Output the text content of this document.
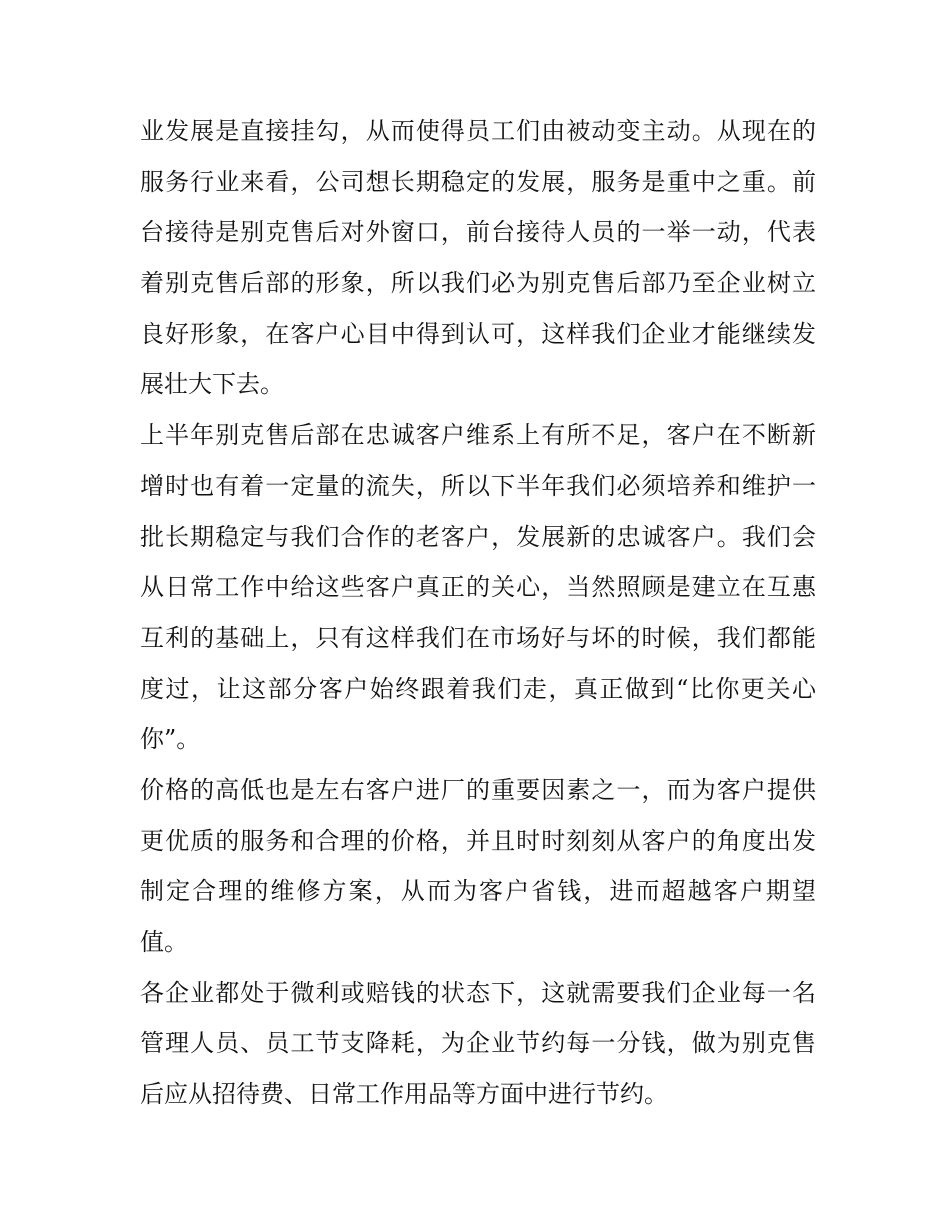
业发展是直接挂勾，从而使得员工们由被动变主动。从现在的
服务行业来看，公司想长期稳定的发展，服务是重中之重。前
台接待是别克售后对外窗口，前台接待人员的一举一动，代表
着别克售后部的形象，所以我们必为别克售后部乃至企业树立
良好形象，在客户心目中得到认可，这样我们企业才能继续发
展壮大下去。
上半年别克售后部在忠诚客户维系上有所不足，客户在不断新
增时也有着一定量的流失，所以下半年我们必须培养和维护一
批长期稳定与我们合作的老客户，发展新的忠诚客户。我们会
从日常工作中给这些客户真正的关心，当然照顾是建立在互惠
互利的基础上，只有这样我们在市场好与坏的时候，我们都能
度过，让这部分客户始终跟着我们走，真正做到“比你更关心
你”。
价格的高低也是左右客户进厂的重要因素之一，而为客户提供
更优质的服务和合理的价格，并且时时刻刻从客户的角度出发
制定合理的维修方案，从而为客户省钱，进而超越客户期望
值。
各企业都处于微利或赔钱的状态下，这就需要我们企业每一名
管理人员、员工节支降耗，为企业节约每一分钱，做为别克售
后应从招待费、日常工作用品等方面中进行节约。
